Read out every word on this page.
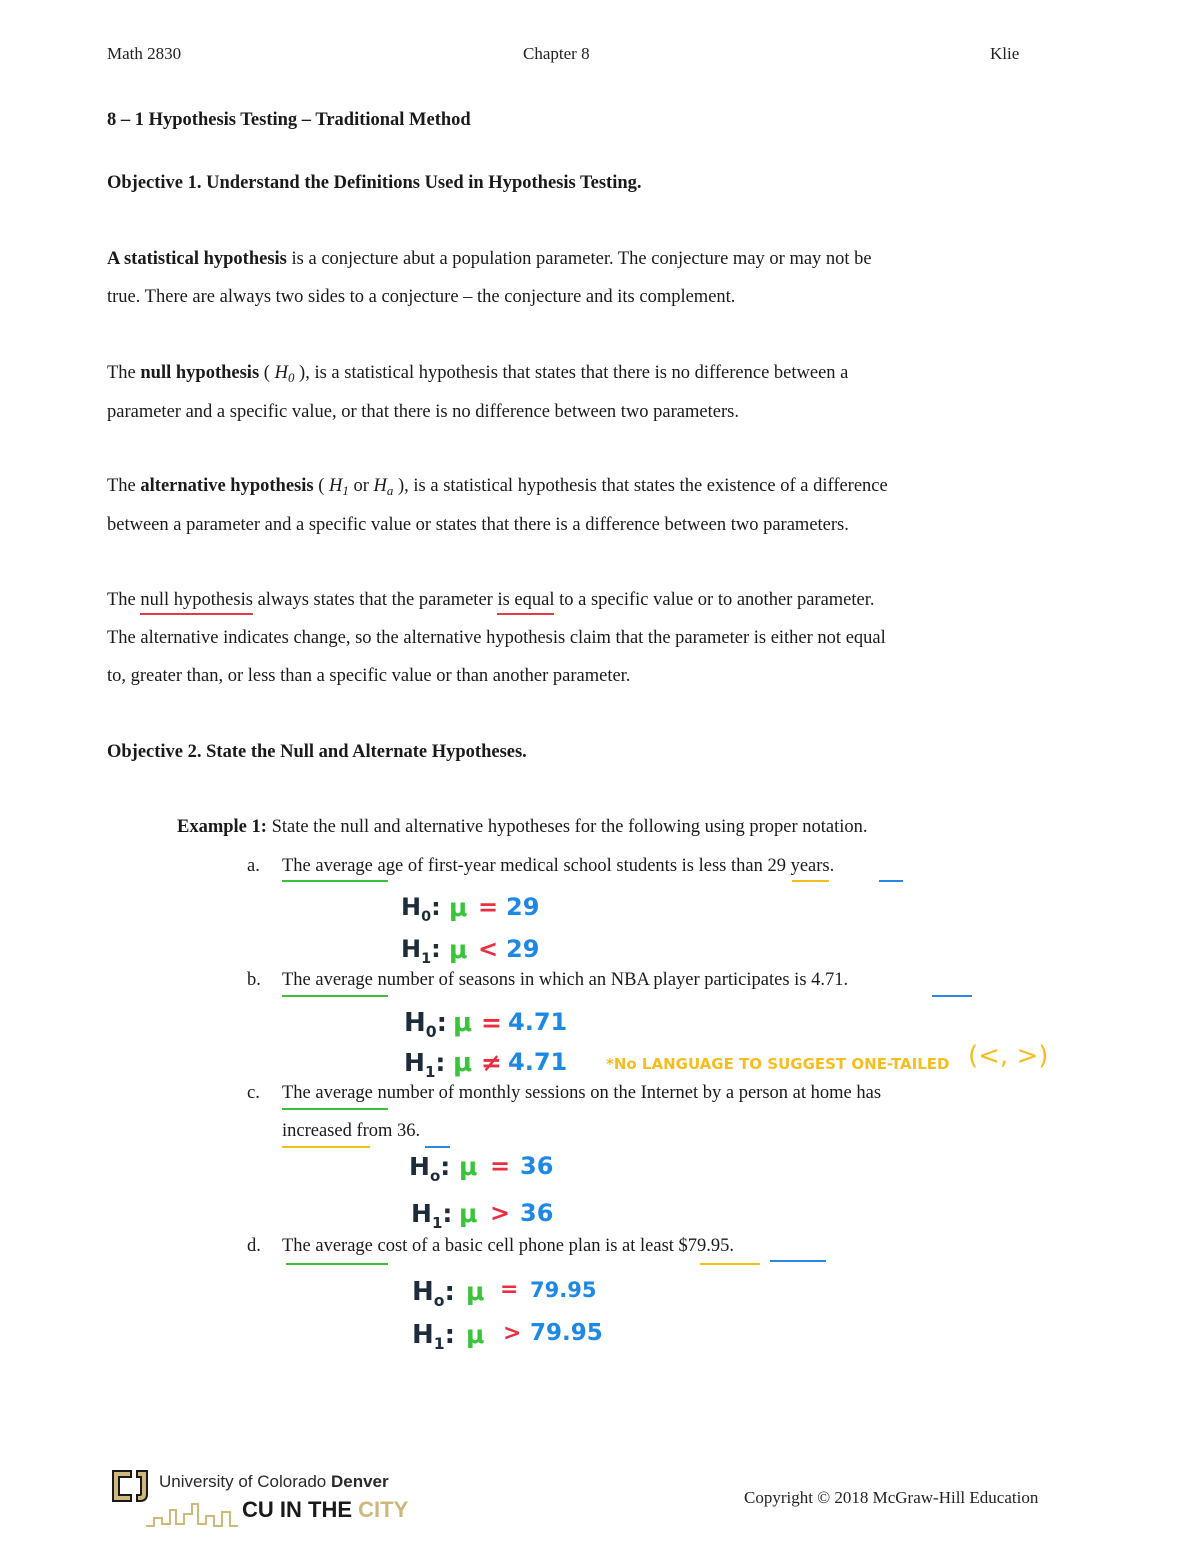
Math 2830	Chapter 8	Klie
8 – 1 Hypothesis Testing – Traditional Method
Objective 1. Understand the Definitions Used in Hypothesis Testing.
A statistical hypothesis is a conjecture abut a population parameter. The conjecture may or may not be
true. There are always two sides to a conjecture – the conjecture and its complement.
The null hypothesis ( $H_0$ ), is a statistical hypothesis that states that there is no difference between a
parameter and a specific value, or that there is no difference between two parameters.
The alternative hypothesis ( $H_1$ or $H_a$ ), is a statistical hypothesis that states the existence of a difference
between a parameter and a specific value or states that there is a difference between two parameters.
The null hypothesis always states that the parameter is equal to a specific value or to another parameter.
The alternative indicates change, so the alternative hypothesis claim that the parameter is either not equal
to, greater than, or less than a specific value or than another parameter.
Objective 2. State the Null and Alternate Hypotheses.
Example 1: State the null and alternative hypotheses for the following using proper notation.
a. The average age of first-year medical school students is less than 29 years.
$H_0$: μ = 29
$H_1$: μ < 29
b. The average number of seasons in which an NBA player participates is 4.71.
$H_0$: μ = 4.71
$H_1$: μ ≠ 4.71	*No LANGUAGE TO SUGGEST ONE-TAILED (<, >)
c. The average number of monthly sessions on the Internet by a person at home has
increased from 36.
$H_o$: μ = 36
$H_1$: μ > 36
d. The average cost of a basic cell phone plan is at least $79.95.
$H_o$: μ = 79.95
$H_1$: μ > 79.95
University of Colorado Denver
CU IN THE CITY	Copyright © 2018 McGraw-Hill Education
